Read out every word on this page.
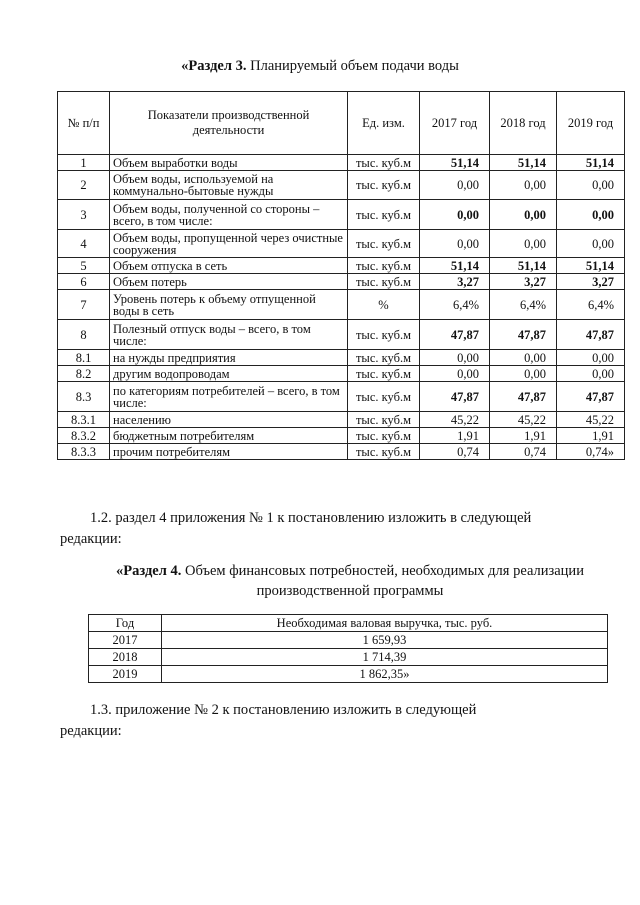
«Раздел 3. Планируемый объем подачи воды
№ п/п	Показатели производственной деятельности	Ед. изм.	2017 год	2018 год	2019 год
1	Объем выработки воды	тыс. куб.м	51,14	51,14	51,14
2	Объем воды, используемой на коммунально-бытовые нужды	тыс. куб.м	0,00	0,00	0,00
3	Объем воды, полученной со стороны – всего, в том числе:	тыс. куб.м	0,00	0,00	0,00
4	Объем воды, пропущенной через очистные сооружения	тыс. куб.м	0,00	0,00	0,00
5	Объем отпуска в сеть	тыс. куб.м	51,14	51,14	51,14
6	Объем потерь	тыс. куб.м	3,27	3,27	3,27
7	Уровень потерь к объему отпущенной воды в сеть	%	6,4%	6,4%	6,4%
8	Полезный отпуск воды – всего, в том числе:	тыс. куб.м	47,87	47,87	47,87
8.1	на нужды предприятия	тыс. куб.м	0,00	0,00	0,00
8.2	другим водопроводам	тыс. куб.м	0,00	0,00	0,00
8.3	по категориям потребителей – всего, в том числе:	тыс. куб.м	47,87	47,87	47,87
8.3.1	населению	тыс. куб.м	45,22	45,22	45,22
8.3.2	бюджетным потребителям	тыс. куб.м	1,91	1,91	1,91
8.3.3	прочим потребителям	тыс. куб.м	0,74	0,74	0,74»
1.2. раздел 4 приложения № 1 к постановлению изложить в следующей
редакции:
«Раздел 4. Объем финансовых потребностей, необходимых для реализации производственной программы
Год	Необходимая валовая выручка, тыс. руб.
2017	1 659,93
2018	1 714,39
2019	1 862,35»
1.3. приложение № 2 к постановлению изложить в следующей
редакции:
